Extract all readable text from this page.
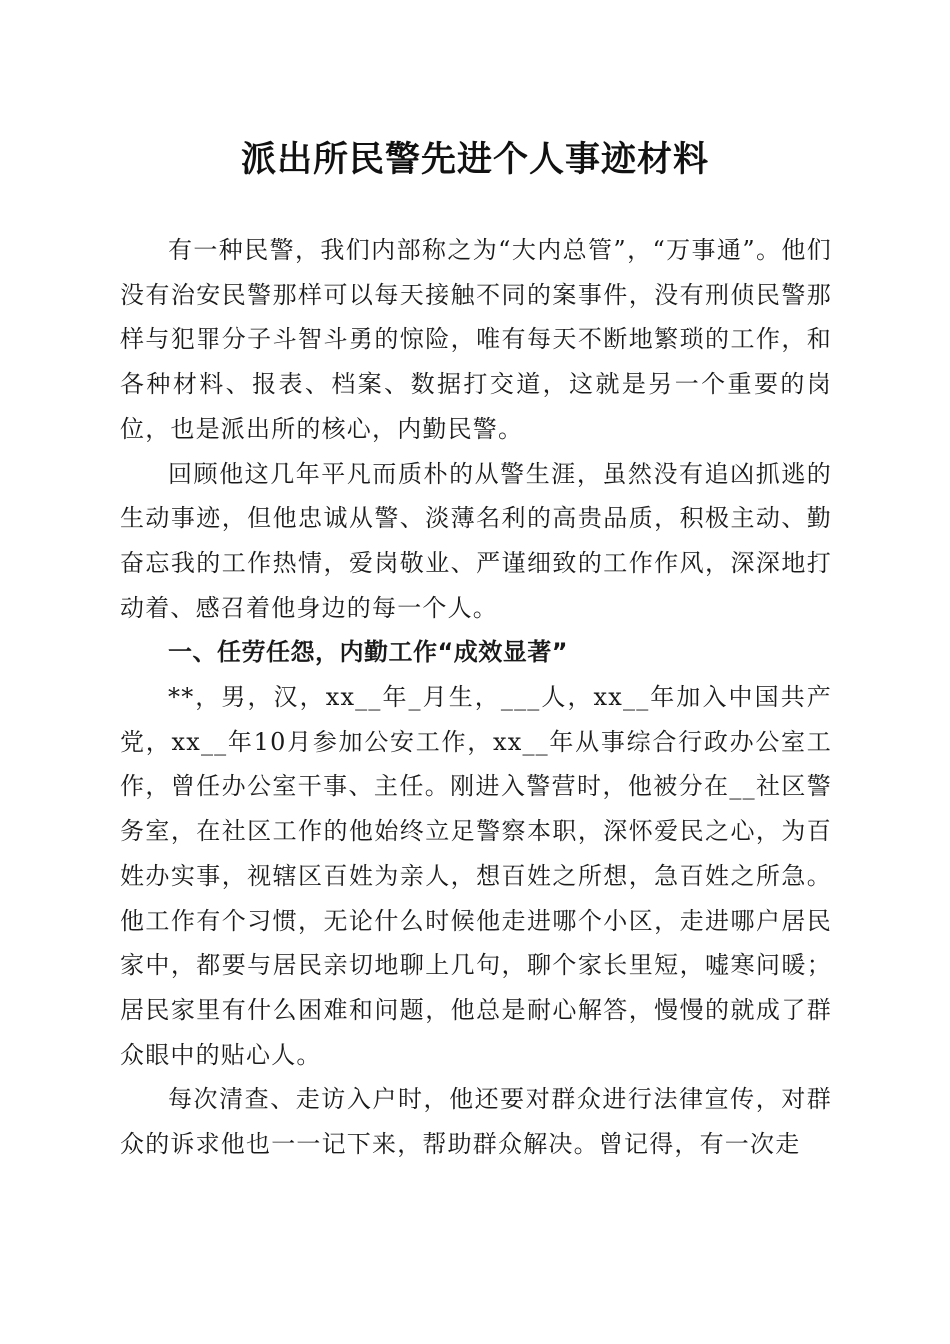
派出所民警先进个人事迹材料

有一种民警，我们内部称之为“大内总管”，“万事通”。他们没有治安民警那样可以每天接触不同的案事件，没有刑侦民警那样与犯罪分子斗智斗勇的惊险，唯有每天不断地繁琐的工作，和各种材料、报表、档案、数据打交道，这就是另一个重要的岗位，也是派出所的核心，内勤民警。

回顾他这几年平凡而质朴的从警生涯，虽然没有追凶抓逃的生动事迹，但他忠诚从警、淡薄名利的高贵品质，积极主动、勤奋忘我的工作热情，爱岗敬业、严谨细致的工作作风，深深地打动着、感召着他身边的每一个人。

一、任劳任怨，内勤工作“成效显著”

**，男，汉，xx__年_月生，___人，xx__年加入中国共产党，xx__年10月参加公安工作，xx__年从事综合行政办公室工作，曾任办公室干事、主任。刚进入警营时，他被分在__社区警务室，在社区工作的他始终立足警察本职，深怀爱民之心，为百姓办实事，视辖区百姓为亲人，想百姓之所想，急百姓之所急。他工作有个习惯，无论什么时候他走进哪个小区，走进哪户居民家中，都要与居民亲切地聊上几句，聊个家长里短，嘘寒问暖；居民家里有什么困难和问题，他总是耐心解答，慢慢的就成了群众眼中的贴心人。

每次清查、走访入户时，他还要对群众进行法律宣传，对群众的诉求他也一一记下来，帮助群众解决。曾记得，有一次走
